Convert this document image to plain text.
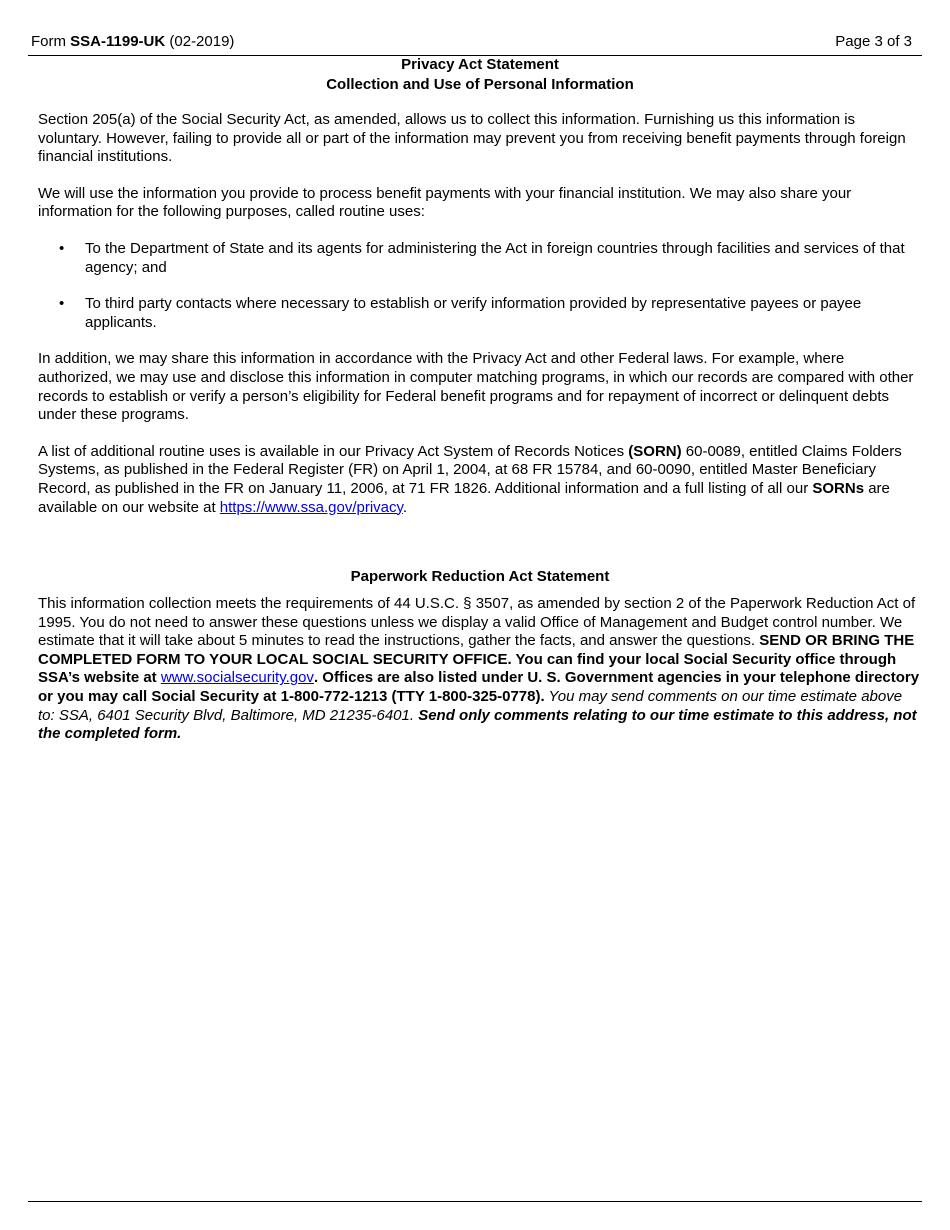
Form SSA-1199-UK (02-2019)	Page 3 of 3
Privacy Act Statement
Collection and Use of Personal Information

Section 205(a) of the Social Security Act, as amended, allows us to collect this information. Furnishing us this information is voluntary. However, failing to provide all or part of the information may prevent you from receiving benefit payments through foreign financial institutions.

We will use the information you provide to process benefit payments with your financial institution. We may also share your information for the following purposes, called routine uses:

• To the Department of State and its agents for administering the Act in foreign countries through facilities and services of that agency; and
• To third party contacts where necessary to establish or verify information provided by representative payees or payee applicants.

In addition, we may share this information in accordance with the Privacy Act and other Federal laws. For example, where authorized, we may use and disclose this information in computer matching programs, in which our records are compared with other records to establish or verify a person’s eligibility for Federal benefit programs and for repayment of incorrect or delinquent debts under these programs.

A list of additional routine uses is available in our Privacy Act System of Records Notices (SORN) 60-0089, entitled Claims Folders Systems, as published in the Federal Register (FR) on April 1, 2004, at 68 FR 15784, and 60-0090, entitled Master Beneficiary Record, as published in the FR on January 11, 2006, at 71 FR 1826. Additional information and a full listing of all our SORNs are available on our website at https://www.ssa.gov/privacy.

Paperwork Reduction Act Statement

This information collection meets the requirements of 44 U.S.C. § 3507, as amended by section 2 of the Paperwork Reduction Act of 1995. You do not need to answer these questions unless we display a valid Office of Management and Budget control number. We estimate that it will take about 5 minutes to read the instructions, gather the facts, and answer the questions. SEND OR BRING THE COMPLETED FORM TO YOUR LOCAL SOCIAL SECURITY OFFICE. You can find your local Social Security office through SSA’s website at www.socialsecurity.gov. Offices are also listed under U. S. Government agencies in your telephone directory or you may call Social Security at 1-800-772-1213 (TTY 1-800-325-0778). You may send comments on our time estimate above to: SSA, 6401 Security Blvd, Baltimore, MD 21235-6401. Send only comments relating to our time estimate to this address, not the completed form.
